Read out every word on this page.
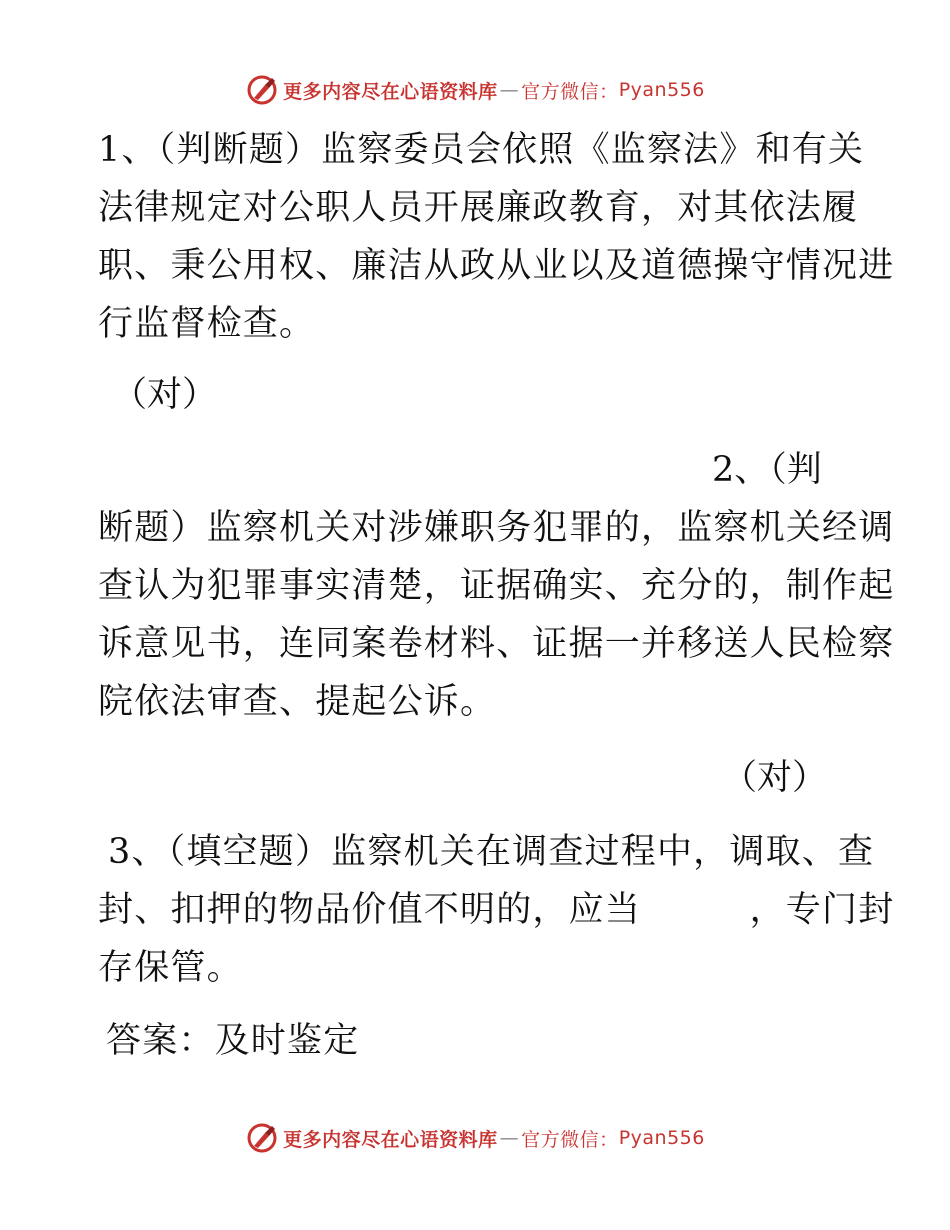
更多内容尽在心语资料库 — 官方微信： Pyan556
1、（判断题）监察委员会依照《监察法》和有关
法律规定对公职人员开展廉政教育，对其依法履
职、秉公用权、廉洁从政从业以及道德操守情况进
行监督检查。
（对）
2、（判
断题）监察机关对涉嫌职务犯罪的，监察机关经调
查认为犯罪事实清楚，证据确实、充分的，制作起
诉意见书，连同案卷材料、证据一并移送人民检察
院依法审查、提起公诉。
（对）
3、（填空题）监察机关在调查过程中，调取、查
封、扣押的物品价值不明的，应当　　　，专门封
存保管。
答案：及时鉴定
更多内容尽在心语资料库 — 官方微信： Pyan556
